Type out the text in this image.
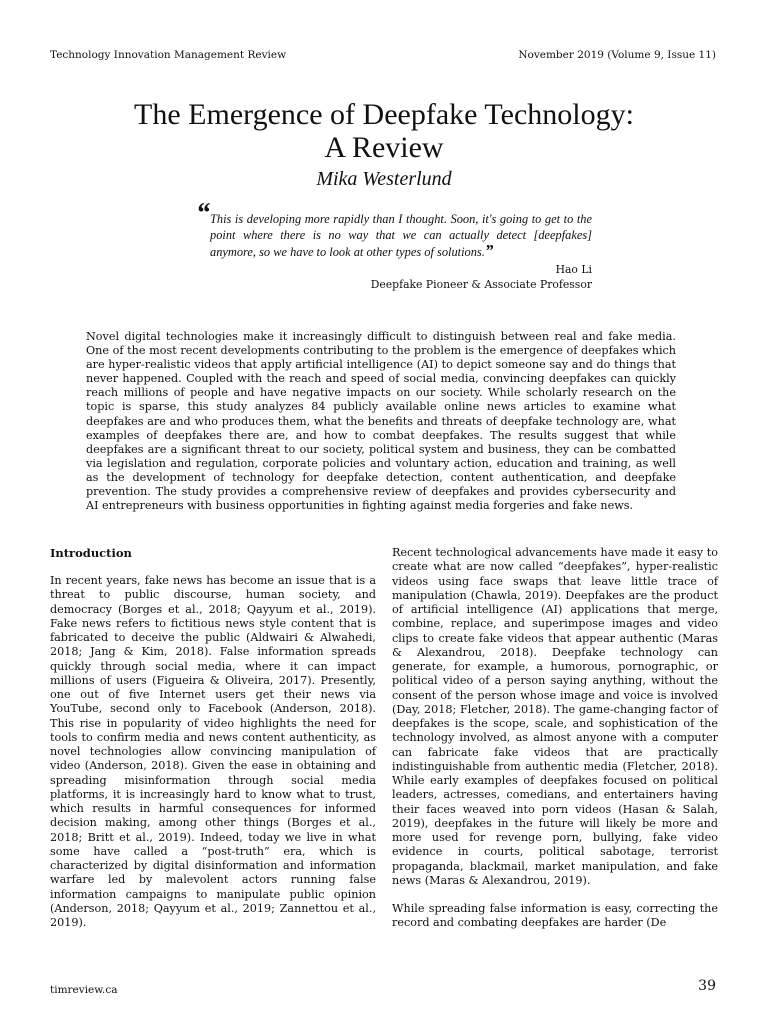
Technology Innovation Management Review	November 2019 (Volume 9, Issue 11)
The Emergence of Deepfake Technology:
A Review
Mika Westerlund
“ This is developing more rapidly than I thought. Soon, it's going to get to the point where there is no way that we can actually detect [deepfakes] anymore, so we have to look at other types of solutions.”

Hao Li

Deepfake Pioneer & Associate Professor

Novel digital technologies make it increasingly difficult to distinguish between real and fake media. One of the most recent developments contributing to the problem is the emergence of deepfakes which are hyper-realistic videos that apply artificial intelligence (AI) to depict someone say and do things that never happened. Coupled with the reach and speed of social media, convincing deepfakes can quickly reach millions of people and have negative impacts on our society. While scholarly research on the topic is sparse, this study analyzes 84 publicly available online news articles to examine what deepfakes are and who produces them, what the benefits and threats of deepfake technology are, what examples of deepfakes there are, and how to combat deepfakes. The results suggest that while deepfakes are a significant threat to our society, political system and business, they can be combatted via legislation and regulation, corporate policies and voluntary action, education and training, as well as the development of technology for deepfake detection, content authentication, and deepfake prevention. The study provides a comprehensive review of deepfakes and provides cybersecurity and AI entrepreneurs with business opportunities in fighting against media forgeries and fake news.

Introduction

In recent years, fake news has become an issue that is a threat to public discourse, human society, and democracy (Borges et al., 2018; Qayyum et al., 2019). Fake news refers to fictitious news style content that is fabricated to deceive the public (Aldwairi & Alwahedi, 2018; Jang & Kim, 2018). False information spreads quickly through social media, where it can impact millions of users (Figueira & Oliveira, 2017). Presently, one out of five Internet users get their news via YouTube, second only to Facebook (Anderson, 2018). This rise in popularity of video highlights the need for tools to confirm media and news content authenticity, as novel technologies allow convincing manipulation of video (Anderson, 2018). Given the ease in obtaining and spreading misinformation through social media platforms, it is increasingly hard to know what to trust, which results in harmful consequences for informed decision making, among other things (Borges et al., 2018; Britt et al., 2019). Indeed, today we live in what some have called a “post-truth” era, which is characterized by digital disinformation and information warfare led by malevolent actors running false information campaigns to manipulate public opinion (Anderson, 2018; Qayyum et al., 2019; Zannettou et al., 2019).

Recent technological advancements have made it easy to create what are now called “deepfakes”, hyper-realistic videos using face swaps that leave little trace of manipulation (Chawla, 2019). Deepfakes are the product of artificial intelligence (AI) applications that merge, combine, replace, and superimpose images and video clips to create fake videos that appear authentic (Maras & Alexandrou, 2018). Deepfake technology can generate, for example, a humorous, pornographic, or political video of a person saying anything, without the consent of the person whose image and voice is involved (Day, 2018; Fletcher, 2018). The game-changing factor of deepfakes is the scope, scale, and sophistication of the technology involved, as almost anyone with a computer can fabricate fake videos that are practically indistinguishable from authentic media (Fletcher, 2018). While early examples of deepfakes focused on political leaders, actresses, comedians, and entertainers having their faces weaved into porn videos (Hasan & Salah, 2019), deepfakes in the future will likely be more and more used for revenge porn, bullying, fake video evidence in courts, political sabotage, terrorist propaganda, blackmail, market manipulation, and fake news (Maras & Alexandrou, 2019).

While spreading false information is easy, correcting the record and combating deepfakes are harder (De

timreview.ca	39
